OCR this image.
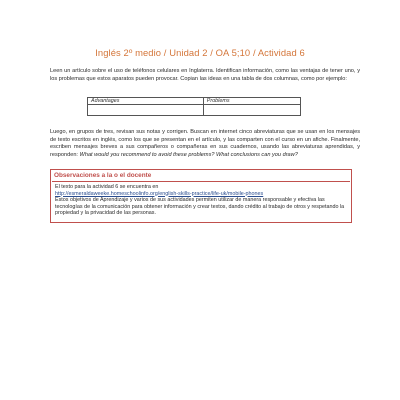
Inglés 2º medio / Unidad 2 / OA 5;10 / Actividad 6
Leen un artículo sobre el uso de teléfonos celulares en Inglaterra. Identifican información, como las ventajas de tener uno, y los problemas que estos aparatos pueden provocar. Copian las ideas en una tabla de dos columnas, como por ejemplo:
Advantages	Problems

Luego, en grupos de tres, revisan sus notas y corrigen. Buscan en internet cinco abreviaturas que se usan en los mensajes de texto escritos en inglés, como los que se presentan en el artículo, y las comparten con el curso en un afiche. Finalmente, escriben mensajes breves a sus compañeros o compañeras en sus cuadernos, usando las abreviaturas aprendidas, y responden: What would you recommend to avoid these problems? What conclusions can you draw?
Observaciones a la o el docente
El texto para la actividad 6 se encuentra en
http://esmeraldaweeke.homeschoolinfo.org/english-skills-practice/life-uk/mobile-phones
Estos objetivos de Aprendizaje y varios de sus actividades permiten utilizar de manera responsable y efectiva las tecnologías de la comunicación para obtener información y crear textos, dando crédito al trabajo de otros y respetando la propiedad y la privacidad de las personas.
